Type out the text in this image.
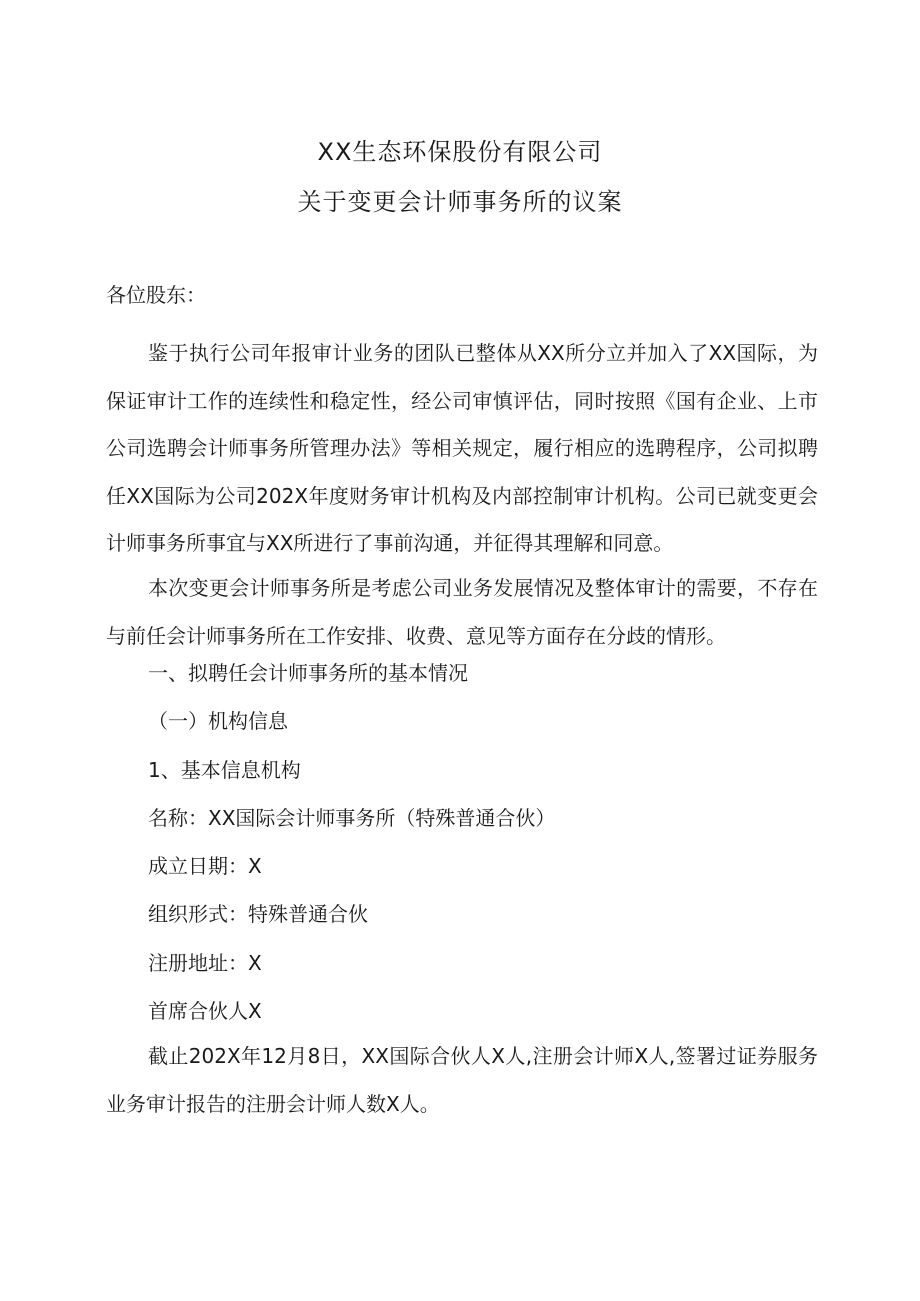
XX生态环保股份有限公司
关于变更会计师事务所的议案
各位股东：
鉴于执行公司年报审计业务的团队已整体从XX所分立并加入了XX国际，为保证审计工作的连续性和稳定性，经公司审慎评估，同时按照《国有企业、上市公司选聘会计师事务所管理办法》等相关规定，履行相应的选聘程序，公司拟聘任XX国际为公司202X年度财务审计机构及内部控制审计机构。公司已就变更会计师事务所事宜与XX所进行了事前沟通，并征得其理解和同意。
本次变更会计师事务所是考虑公司业务发展情况及整体审计的需要，不存在与前任会计师事务所在工作安排、收费、意见等方面存在分歧的情形。
一、拟聘任会计师事务所的基本情况
（一）机构信息
1、基本信息机构
名称：XX国际会计师事务所（特殊普通合伙）
成立日期：X
组织形式：特殊普通合伙
注册地址：X
首席合伙人X
截止202X年12月8日，XX国际合伙人X人,注册会计师X人,签署过证券服务业务审计报告的注册会计师人数X人。
